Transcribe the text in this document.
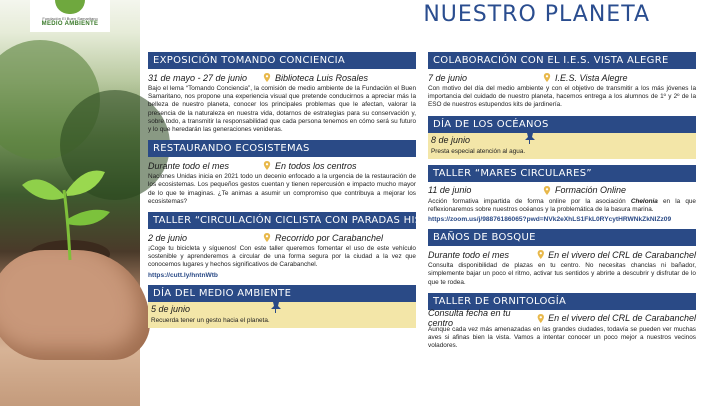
Fundación El Buen Samaritano
MEDIO AMBIENTE	NUESTRO PLANETA
EXPOSICIÓN TOMANDO CONCIENCIA
31 de mayo - 27 de junio	Biblioteca Luis Rosales
Bajo el lema “Tomando Conciencia”, la comisión de medio ambiente de la Fundación el Buen Samaritano, nos propone una experiencia visual que pretende conducirnos a apreciar más la belleza de nuestro planeta, conocer los principales problemas que le afectan, valorar la presencia de la naturaleza en nuestra vida, dotarnos de estrategias para su conservación y, sobre todo, a transmitir la responsabilidad que cada persona tenemos en cómo será su futuro y lo que heredarán las generaciones venideras.
RESTAURANDO ECOSISTEMAS
Durante todo el mes	En todos los centros
Naciones Unidas inicia en 2021 todo un decenio enfocado a la urgencia de la restauración de los ecosistemas. Los pequeños gestos cuentan y tienen repercusión e impacto mucho mayor de lo que te imaginas. ¿Te animas a asumir un compromiso que contribuya a mejorar los ecosistemas?
TALLER “CIRCULACIÓN CICLISTA CON PARADAS HISTÓRICAS”
2 de junio	Recorrido por Carabanchel
¡Coge tu bicicleta y síguenos! Con este taller queremos fomentar el uso de este vehículo sostenible y aprenderemos a circular de una forma segura por la ciudad a la vez que conocemos lugares y hechos significativos de Carabanchel.
https://cutt.ly/hntnWtb
DÍA DEL MEDIO AMBIENTE
5 de junio
Recuerda tener un gesto hacia el planeta.
COLABORACIÓN CON EL I.E.S. VISTA ALEGRE
7 de junio	I.E.S. Vista Alegre
Con motivo del día del medio ambiente y con el objetivo de transmitir a los más jóvenes la importancia del cuidado de nuestro planeta, hacemos entrega a los alumnos de 1º y 2º de la ESO de nuestros estupendos kits de jardinería.
DÍA DE LOS OCÉANOS
8 de junio
Presta especial atención al agua.
TALLER “MARES CIRCULARES”
11 de junio	Formación Online
Acción formativa impartida de forma online por la asociación Chelonia en la que reflexionaremos sobre nuestros océanos y la problemática de la basura marina.
https://zoom.us/j/98876186065?pwd=NVk2eXhLS1FkL0RYcytHRWNkZkNIZz09
BAÑOS DE BOSQUE
Durante todo el mes	En el vivero del CRL de Carabanchel
Consulta disponibilidad de plazas en tu centro. No necesitas chanclas ni bañador, simplemente bajar un poco el ritmo, activar tus sentidos y abrirte a descubrir y disfrutar de lo que te rodea.
TALLER DE ORNITOLOGÍA
Consulta fecha en tu centro	En el vivero del CRL de Carabanchel
Aunque cada vez más amenazadas en las grandes ciudades, todavía se pueden ver muchas aves si afinas bien la vista. Vamos a intentar conocer un poco mejor a nuestros vecinos voladores.
